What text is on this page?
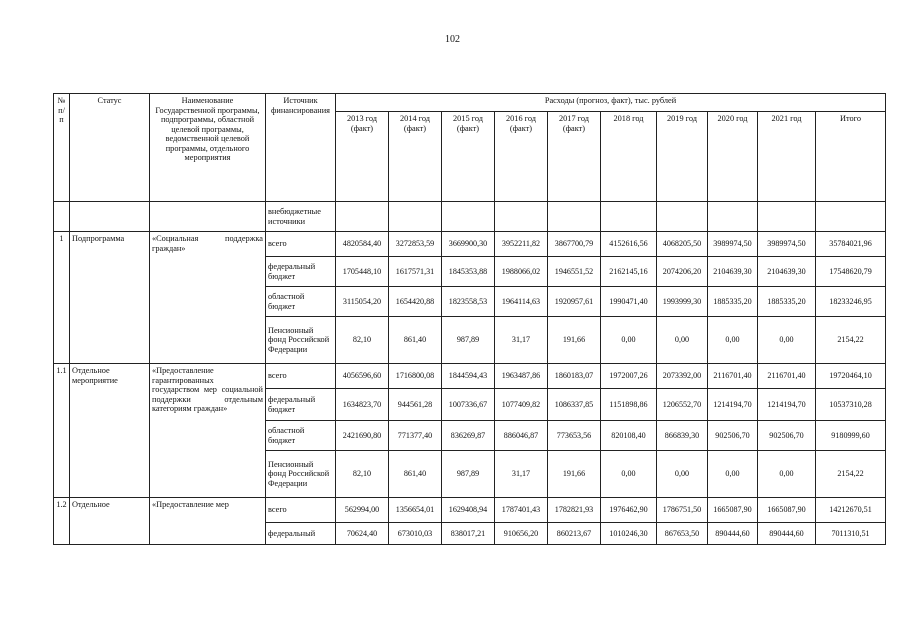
102
№ п/п	Статус	Наименование Государственной программы, подпрограммы, областной целевой программы, ведомственной целевой программы, отдельного мероприятия	Источник финансирования	Расходы (прогноз, факт), тыс. рублей									
				2013 год (факт)	2014 год (факт)	2015 год (факт)	2016 год (факт)	2017 год (факт)	2018 год	2019 год	2020 год	2021 год	Итого
			внебюджетные источники										
1	Подпрограмма	«Социальная поддержка граждан»	всего	4820584,40	3272853,59	3669900,30	3952211,82	3867700,79	4152616,56	4068205,50	3989974,50	3989974,50	35784021,96
			федеральный бюджет	1705448,10	1617571,31	1845353,88	1988066,02	1946551,52	2162145,16	2074206,20	2104639,30	2104639,30	17548620,79
			областной бюджет	3115054,20	1654420,88	1823558,53	1964114,63	1920957,61	1990471,40	1993999,30	1885335,20	1885335,20	18233246,95
			Пенсионный фонд Российской Федерации	82,10	861,40	987,89	31,17	191,66	0,00	0,00	0,00	0,00	2154,22
1.1	Отдельное мероприятие	«Предоставление гарантированных государством мер социальной поддержки отдельным категориям граждан»	всего	4056596,60	1716800,08	1844594,43	1963487,86	1860183,07	1972007,26	2073392,00	2116701,40	2116701,40	19720464,10
			федеральный бюджет	1634823,70	944561,28	1007336,67	1077409,82	1086337,85	1151898,86	1206552,70	1214194,70	1214194,70	10537310,28
			областной бюджет	2421690,80	771377,40	836269,87	886046,87	773653,56	820108,40	866839,30	902506,70	902506,70	9180999,60
			Пенсионный фонд Российской Федерации	82,10	861,40	987,89	31,17	191,66	0,00	0,00	0,00	0,00	2154,22
1.2	Отдельное	«Предоставление мер	всего	562994,00	1356654,01	1629408,94	1787401,43	1782821,93	1976462,90	1786751,50	1665087,90	1665087,90	14212670,51
			федеральный	70624,40	673010,03	838017,21	910656,20	860213,67	1010246,30	867653,50	890444,60	890444,60	7011310,51
